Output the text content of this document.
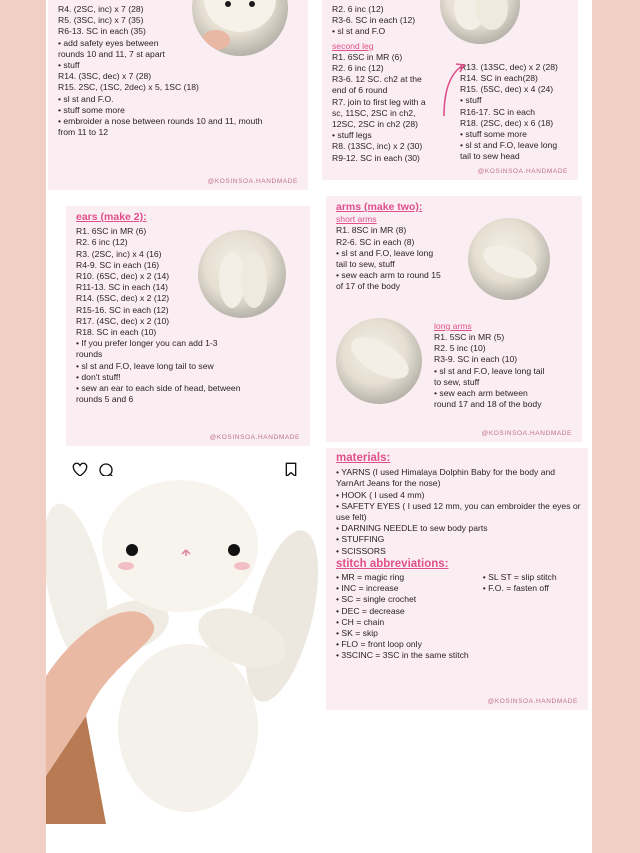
R4. (2SC, inc) x 7 (28)
R5. (3SC, inc) x 7 (35)
R6-13. SC in each (35)
• add safety eyes between
rounds 10 and 11, 7 st apart
• stuff
R14. (3SC, dec) x 7 (28)
R15. 2SC, (1SC, 2dec) x 5, 1SC (18)
• sl st and F.O.
• stuff some more
• embroider a nose between rounds 10 and 11, mouth
from 11 to 12
@KOSINSOA.HANDMADE
R2. 6 inc (12)
R3-6. SC in each (12)
• sl st and F.O
second leg
R1. 6SC in MR (6)
R2. 6 inc (12)
R3-6. 12 SC. ch2 at the
end of 6 round
R7. join to first leg with a
sc, 11SC, 2SC in ch2,
12SC, 2SC in ch2 (28)
• stuff legs
R8. (13SC, inc) x 2 (30)
R9-12. SC in each (30)
R13. (13SC, dec) x 2 (28)
R14. SC in each(28)
R15. (5SC, dec) x 4 (24)
• stuff
R16-17. SC in each
R18. (2SC, dec) x 6 (18)
• stuff some more
• sl st and F.O, leave long
tail to sew head
@KOSINSOA.HANDMADE
ears (make 2):
R1. 6SC in MR (6)
R2. 6 inc (12)
R3. (2SC, inc) x 4 (16)
R4-9. SC in each (16)
R10. (6SC, dec) x 2 (14)
R11-13. SC in each (14)
R14. (5SC, dec) x 2 (12)
R15-16. SC in each (12)
R17. (4SC, dec) x 2 (10)
R18. SC in each (10)
• If you prefer longer you can add 1-3
rounds
• sl st and F.O, leave long tail to sew
• don't stuff!
• sew an ear to each side of head, between
rounds 5 and 6
@KOSINSOA.HANDMADE
arms (make two):
short arms
R1. 8SC in MR (8)
R2-6. SC in each (8)
• sl st and F.O, leave long
tail to sew, stuff
• sew each arm to round 15
of 17 of the body
long arms
R1. 5SC in MR (5)
R2. 5 inc (10)
R3-9. SC in each (10)
• sl st and F.O, leave long tail
to sew, stuff
• sew each arm between
round 17 and 18 of the body
@KOSINSOA.HANDMADE
materials:
• YARNS (I used Himalaya Dolphin Baby for the body and
YarnArt Jeans for the nose)
• HOOK ( I used 4 mm)
• SAFETY EYES ( I used 12 mm, you can embroider the eyes or
use felt)
• DARNING NEEDLE to sew body parts
• STUFFING
• SCISSORS
stitch abbreviations:
• MR = magic ring
• INC = increase
• SC = single crochet
• DEC = decrease
• CH = chain
• SK = skip
• FLO = front loop only
• 3SCINC = 3SC in the same stitch
• SL ST = slip stitch
• F.O. = fasten off
@KOSINSOA.HANDMADE
